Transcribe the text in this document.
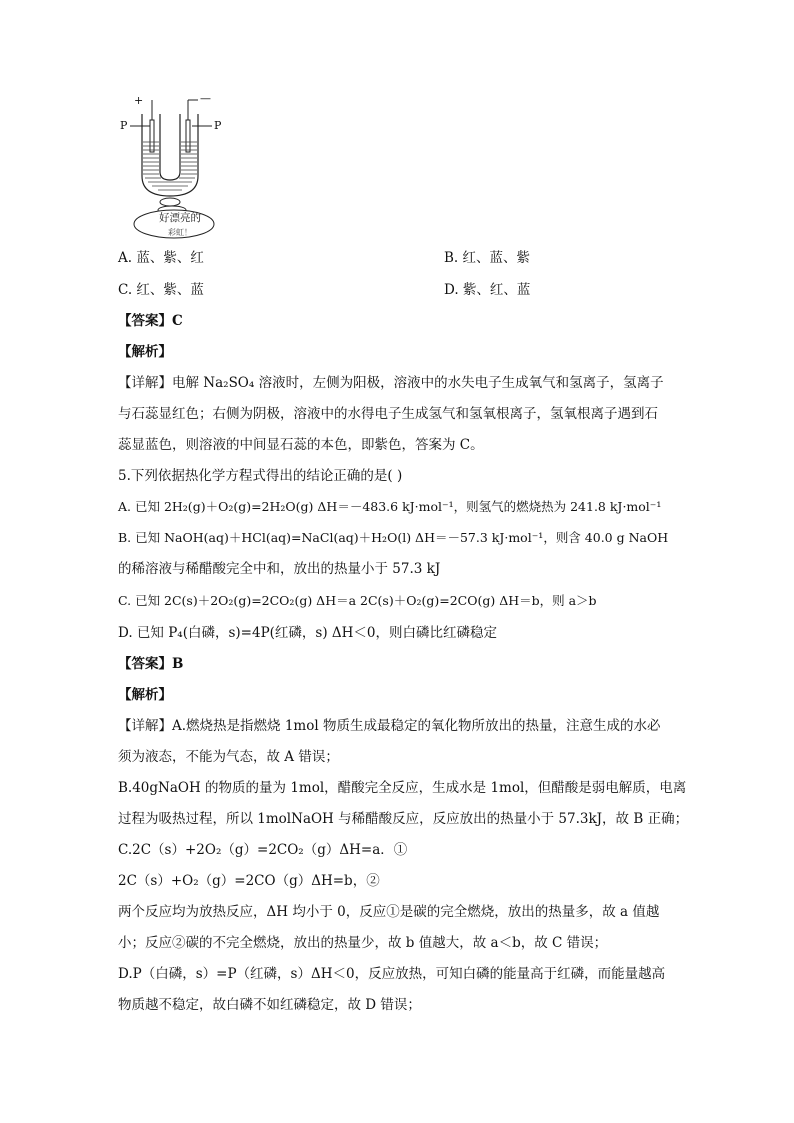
+	—
P	P
好漂亮的
彩虹！
A. 蓝、紫、红	B. 红、蓝、紫
C. 红、紫、蓝	D. 紫、红、蓝
【答案】C
【解析】
【详解】电解 Na₂SO₄ 溶液时，左侧为阳极，溶液中的水失电子生成氧气和氢离子，氢离子
与石蕊显红色；右侧为阴极，溶液中的水得电子生成氢气和氢氧根离子，氢氧根离子遇到石
蕊显蓝色，则溶液的中间显石蕊的本色，即紫色，答案为 C。
5.下列依据热化学方程式得出的结论正确的是( )
A. 已知 2H₂(g)＋O₂(g)=2H₂O(g) ΔH＝－483.6 kJ·mol⁻¹，则氢气的燃烧热为 241.8 kJ·mol⁻¹
B. 已知 NaOH(aq)＋HCl(aq)=NaCl(aq)＋H₂O(l) ΔH＝－57.3 kJ·mol⁻¹，则含 40.0 g NaOH
的稀溶液与稀醋酸完全中和，放出的热量小于 57.3 kJ
C. 已知 2C(s)＋2O₂(g)=2CO₂(g) ΔH＝a 2C(s)＋O₂(g)=2CO(g) ΔH＝b，则 a＞b
D. 已知 P₄(白磷，s)=4P(红磷，s) ΔH＜0，则白磷比红磷稳定
【答案】B
【解析】
【详解】A.燃烧热是指燃烧 1mol 物质生成最稳定的氧化物所放出的热量，注意生成的水必
须为液态，不能为气态，故 A 错误；
B.40gNaOH 的物质的量为 1mol，醋酸完全反应，生成水是 1mol，但醋酸是弱电解质，电离
过程为吸热过程，所以 1molNaOH 与稀醋酸反应，反应放出的热量小于 57.3kJ，故 B 正确；
C.2C（s）+2O₂（g）=2CO₂（g）ΔH=a．①
2C（s）+O₂（g）=2CO（g）ΔH=b，②
两个反应均为放热反应，ΔH 均小于 0，反应①是碳的完全燃烧，放出的热量多，故 a 值越
小；反应②碳的不完全燃烧，放出的热量少，故 b 值越大，故 a＜b，故 C 错误；
D.P（白磷，s）=P（红磷，s）ΔH＜0，反应放热，可知白磷的能量高于红磷，而能量越高
物质越不稳定，故白磷不如红磷稳定，故 D 错误；
